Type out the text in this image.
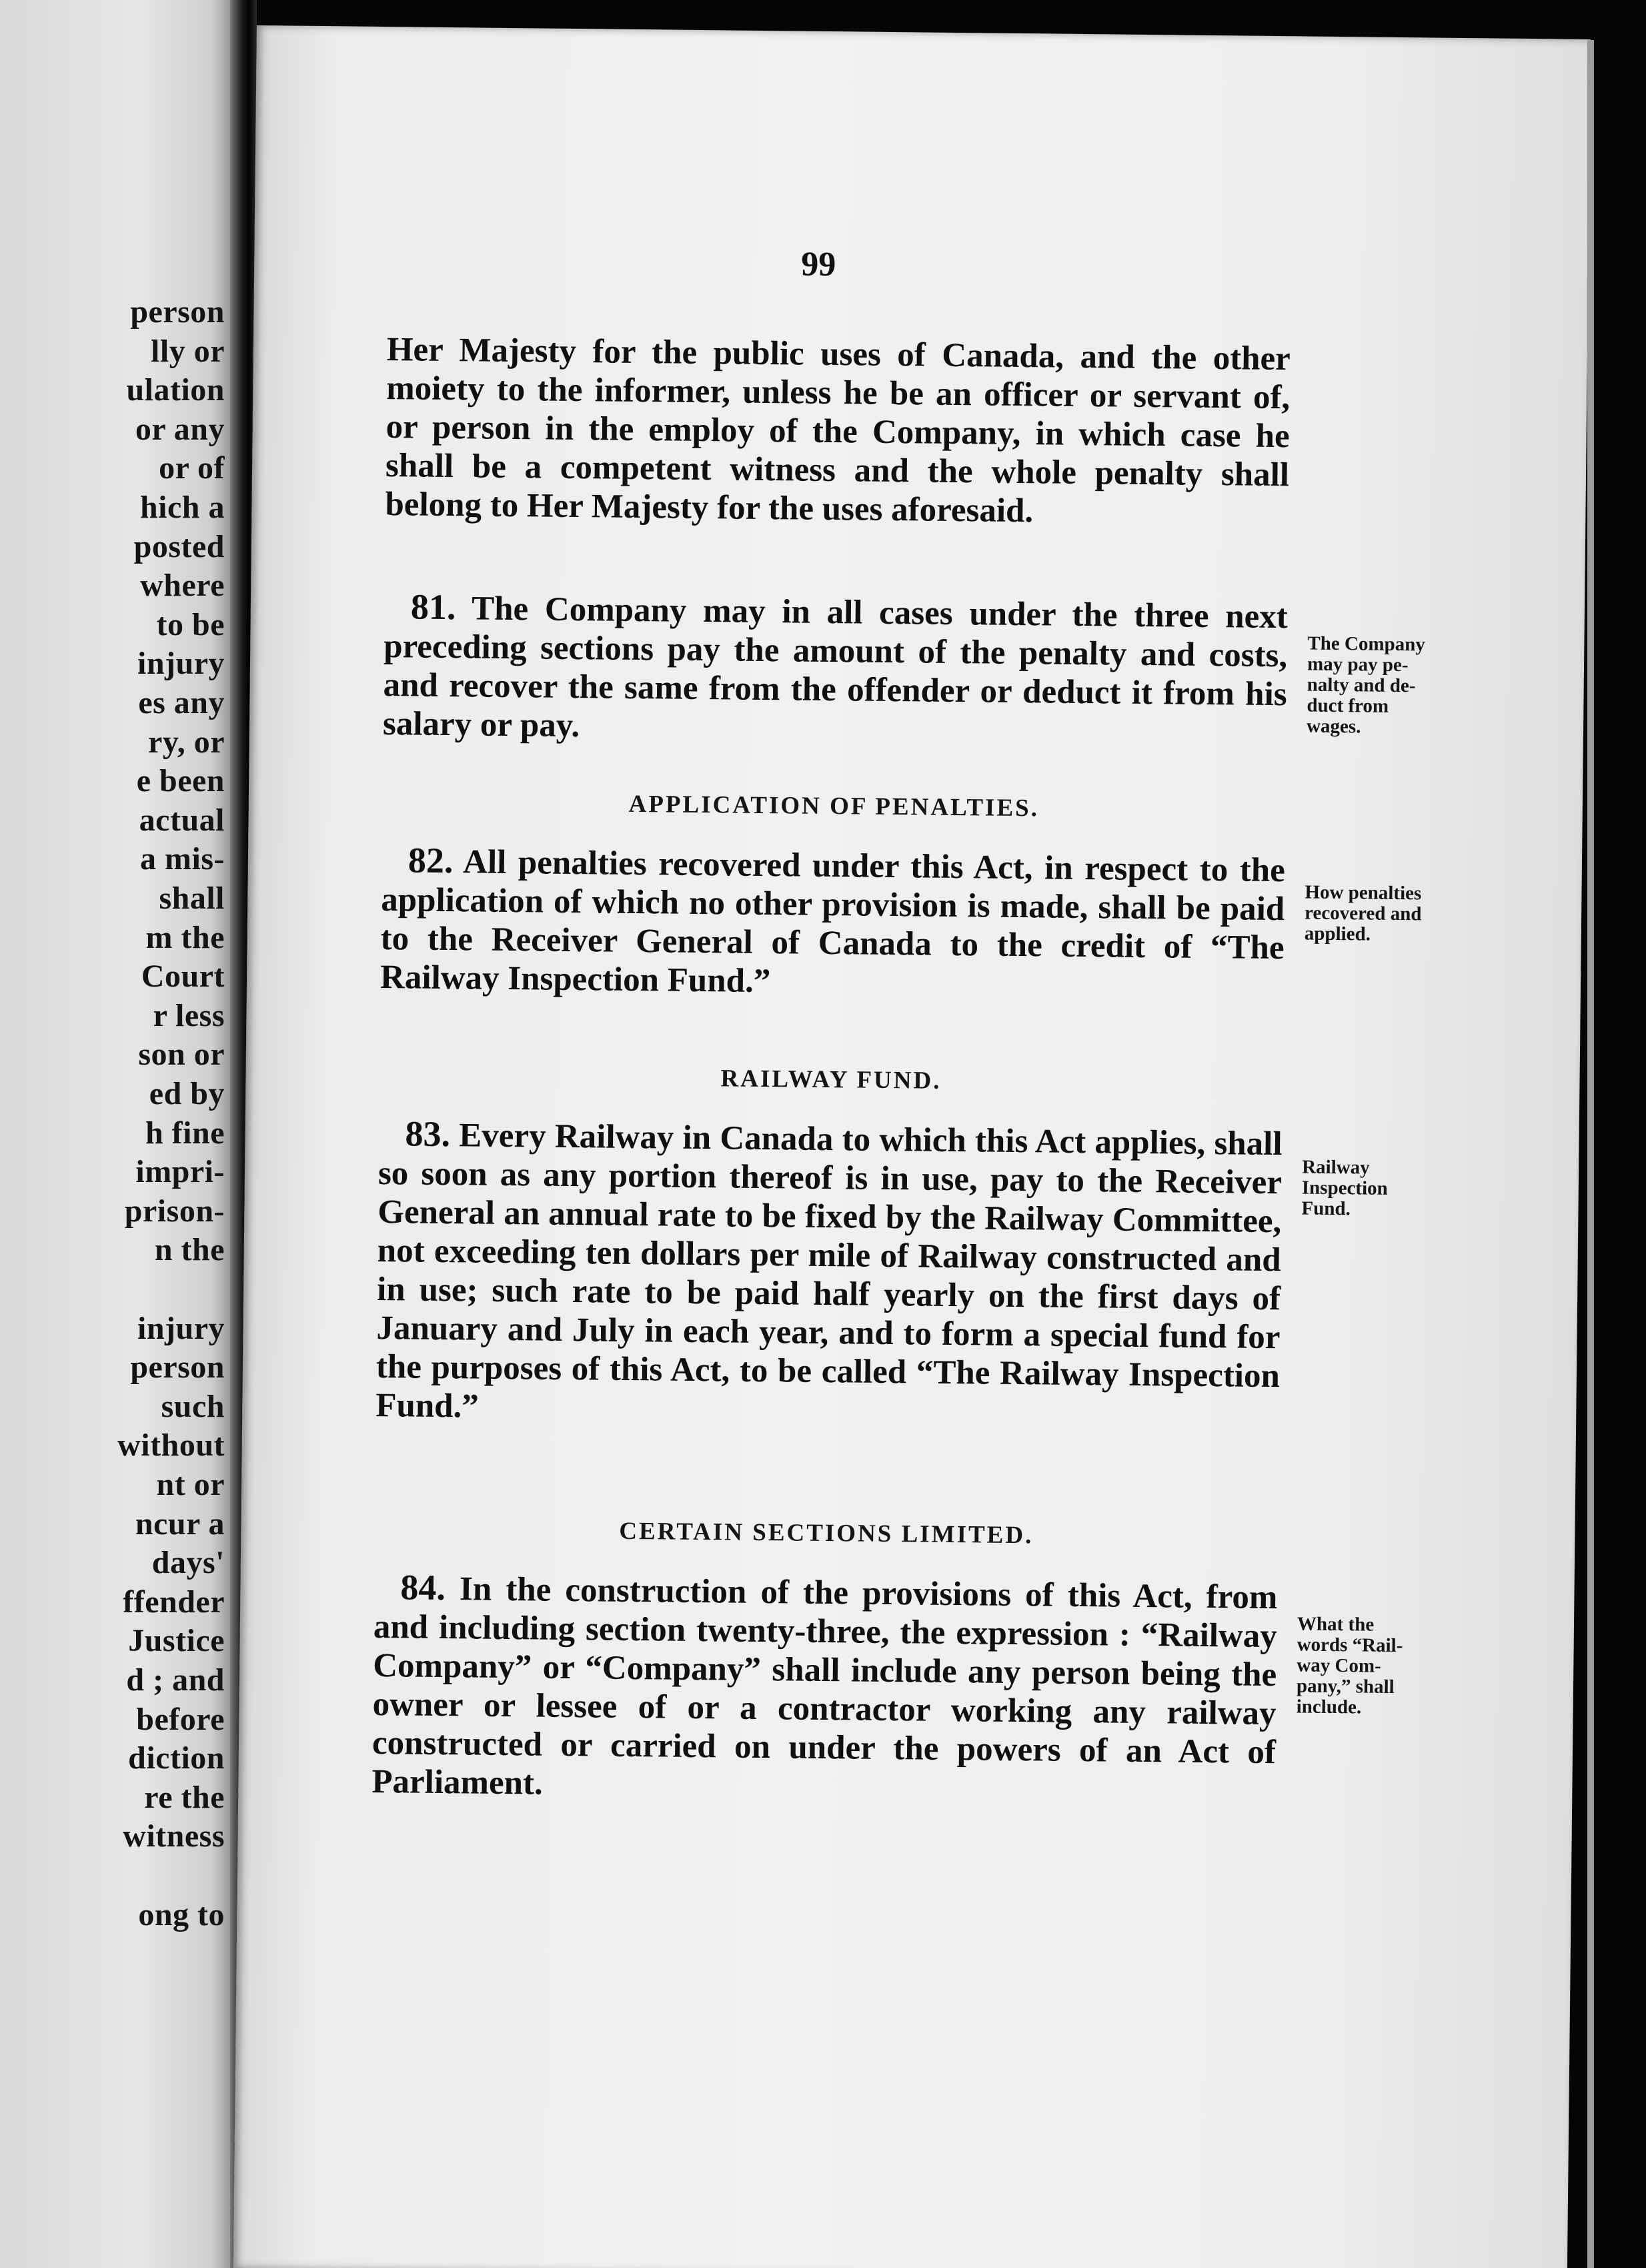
person
lly or
ulation
or any
or of
hich a
posted
where
to be
injury
es any
ry, or
e been
actual
a mis-
shall
m the
Court
r less
son or
ed by
h fine
impri-
prison-
n the
injury
person
such
without
nt or
ncur a
days'
ffender
Justice
d ; and
before
diction
re the
witness
ong to
99

Her Majesty for the public uses of Canada, and the other moiety to the informer, unless he be an officer or servant of, or person in the employ of the Company, in which case he shall be a competent witness and the whole penalty shall belong to Her Majesty for the uses aforesaid.

81. The Company may in all cases under the three next preceding sections pay the amount of the penalty and costs, and recover the same from the offender or deduct it from his salary or pay.

The Company
may pay pe-
nalty and de-
duct from
wages.
APPLICATION OF PENALTIES.

82. All penalties recovered under this Act, in respect to the application of which no other provision is made, shall be paid to the Receiver General of Canada to the credit of “The Railway Inspection Fund.”

How penalties
recovered and
applied.
RAILWAY FUND.

83. Every Railway in Canada to which this Act applies, shall so soon as any portion thereof is in use, pay to the Receiver General an annual rate to be fixed by the Railway Committee, not exceeding ten dollars per mile of Railway constructed and in use; such rate to be paid half yearly on the first days of January and July in each year, and to form a special fund for the purposes of this Act, to be called “The Railway Inspection Fund.”

Railway
Inspection
Fund.
CERTAIN SECTIONS LIMITED.

84. In the construction of the provisions of this Act, from and including section twenty-three, the expression : “Railway Company” or “Company” shall include any person being the owner or lessee of or a contractor working any railway constructed or carried on under the powers of an Act of Parliament.

What the
words “Rail-
way Com-
pany,” shall
include.
